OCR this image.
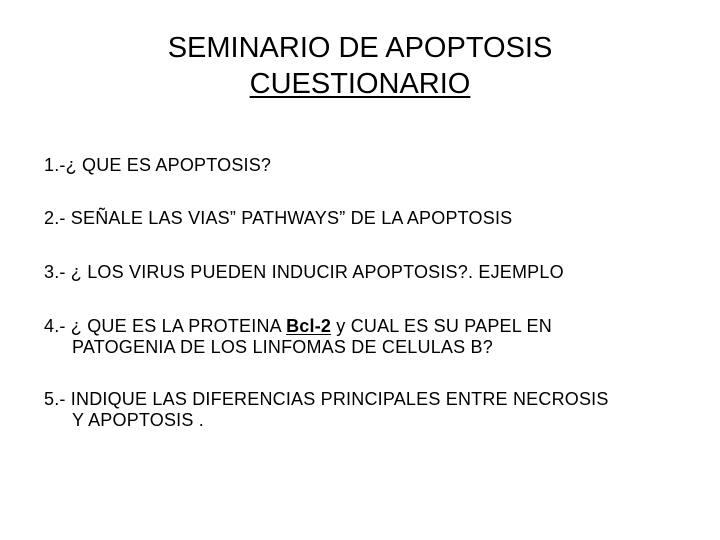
SEMINARIO DE APOPTOSIS
CUESTIONARIO
1.-¿ QUE ES APOPTOSIS?
2.- SEÑALE LAS VIAS” PATHWAYS” DE LA APOPTOSIS
3.- ¿ LOS VIRUS PUEDEN INDUCIR APOPTOSIS?. EJEMPLO
4.- ¿ QUE ES LA PROTEINA Bcl-2 y CUAL ES SU PAPEL EN
PATOGENIA DE LOS LINFOMAS DE CELULAS B?
5.- INDIQUE LAS DIFERENCIAS PRINCIPALES ENTRE NECROSIS
Y APOPTOSIS .
